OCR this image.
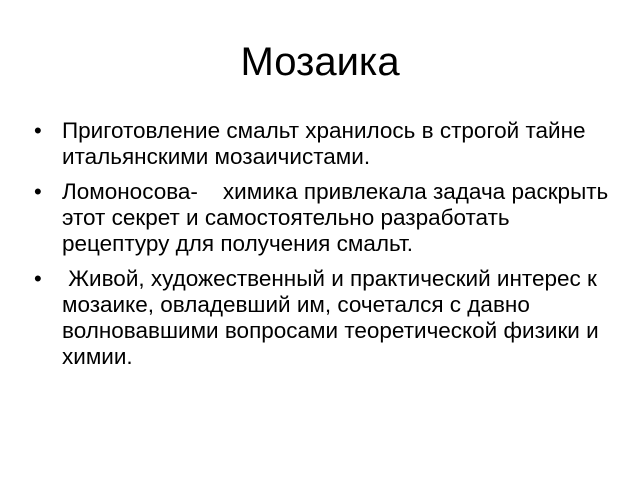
Мозаика
• Приготовление смальт хранилось в строгой тайне итальянскими мозаичистами.
• Ломоносова-    химика привлекала задача раскрыть этот секрет и самостоятельно разработать рецептуру для получения смальт.
• Живой, художественный и практический интерес к мозаике, овладевший им, сочетался с давно волновавшими вопросами теоретической физики и химии.
